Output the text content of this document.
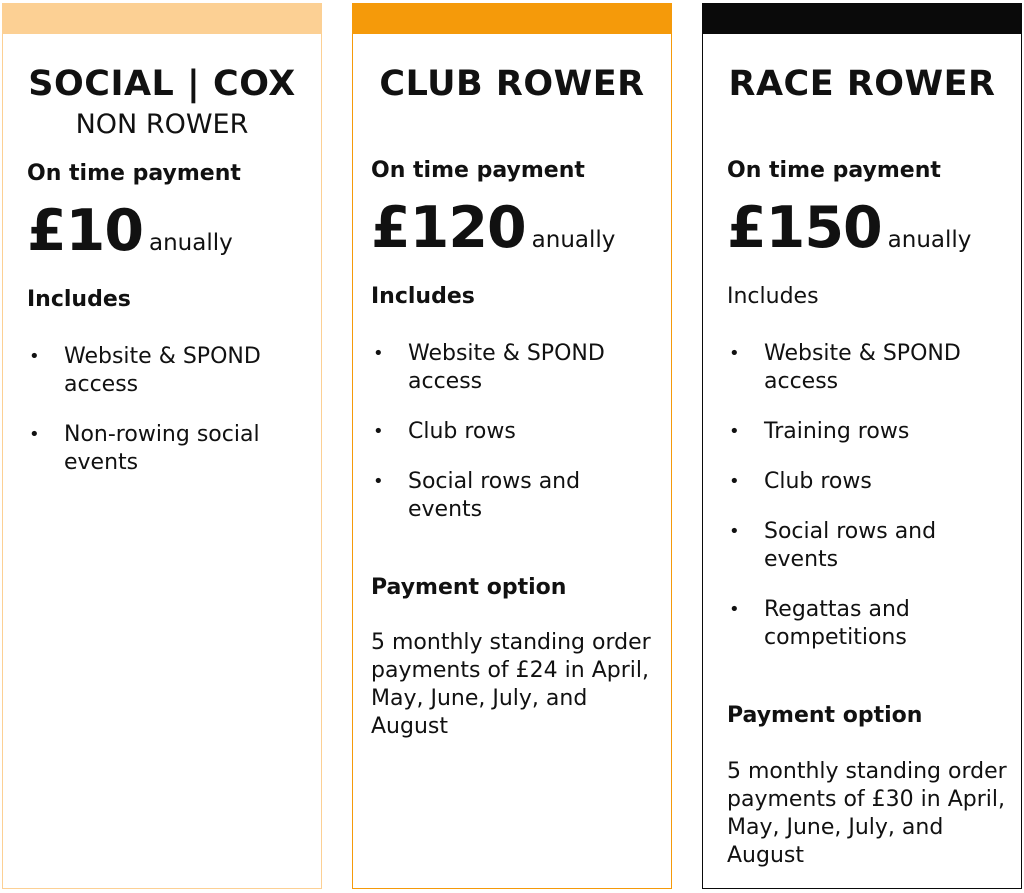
SOCIAL | COX
NON ROWER
On time payment
£10 anually
Includes
• Website & SPOND access
• Non-rowing social events
CLUB ROWER
On time payment
£120 anually
Includes
• Website & SPOND access
• Club rows
• Social rows and events
Payment option
5 monthly standing order payments of £24 in April, May, June, July, and August
RACE ROWER
On time payment
£150 anually
Includes
• Website & SPOND access
• Training rows
• Club rows
• Social rows and events
• Regattas and competitions
Payment option
5 monthly standing order payments of £30 in April, May, June, July, and August
